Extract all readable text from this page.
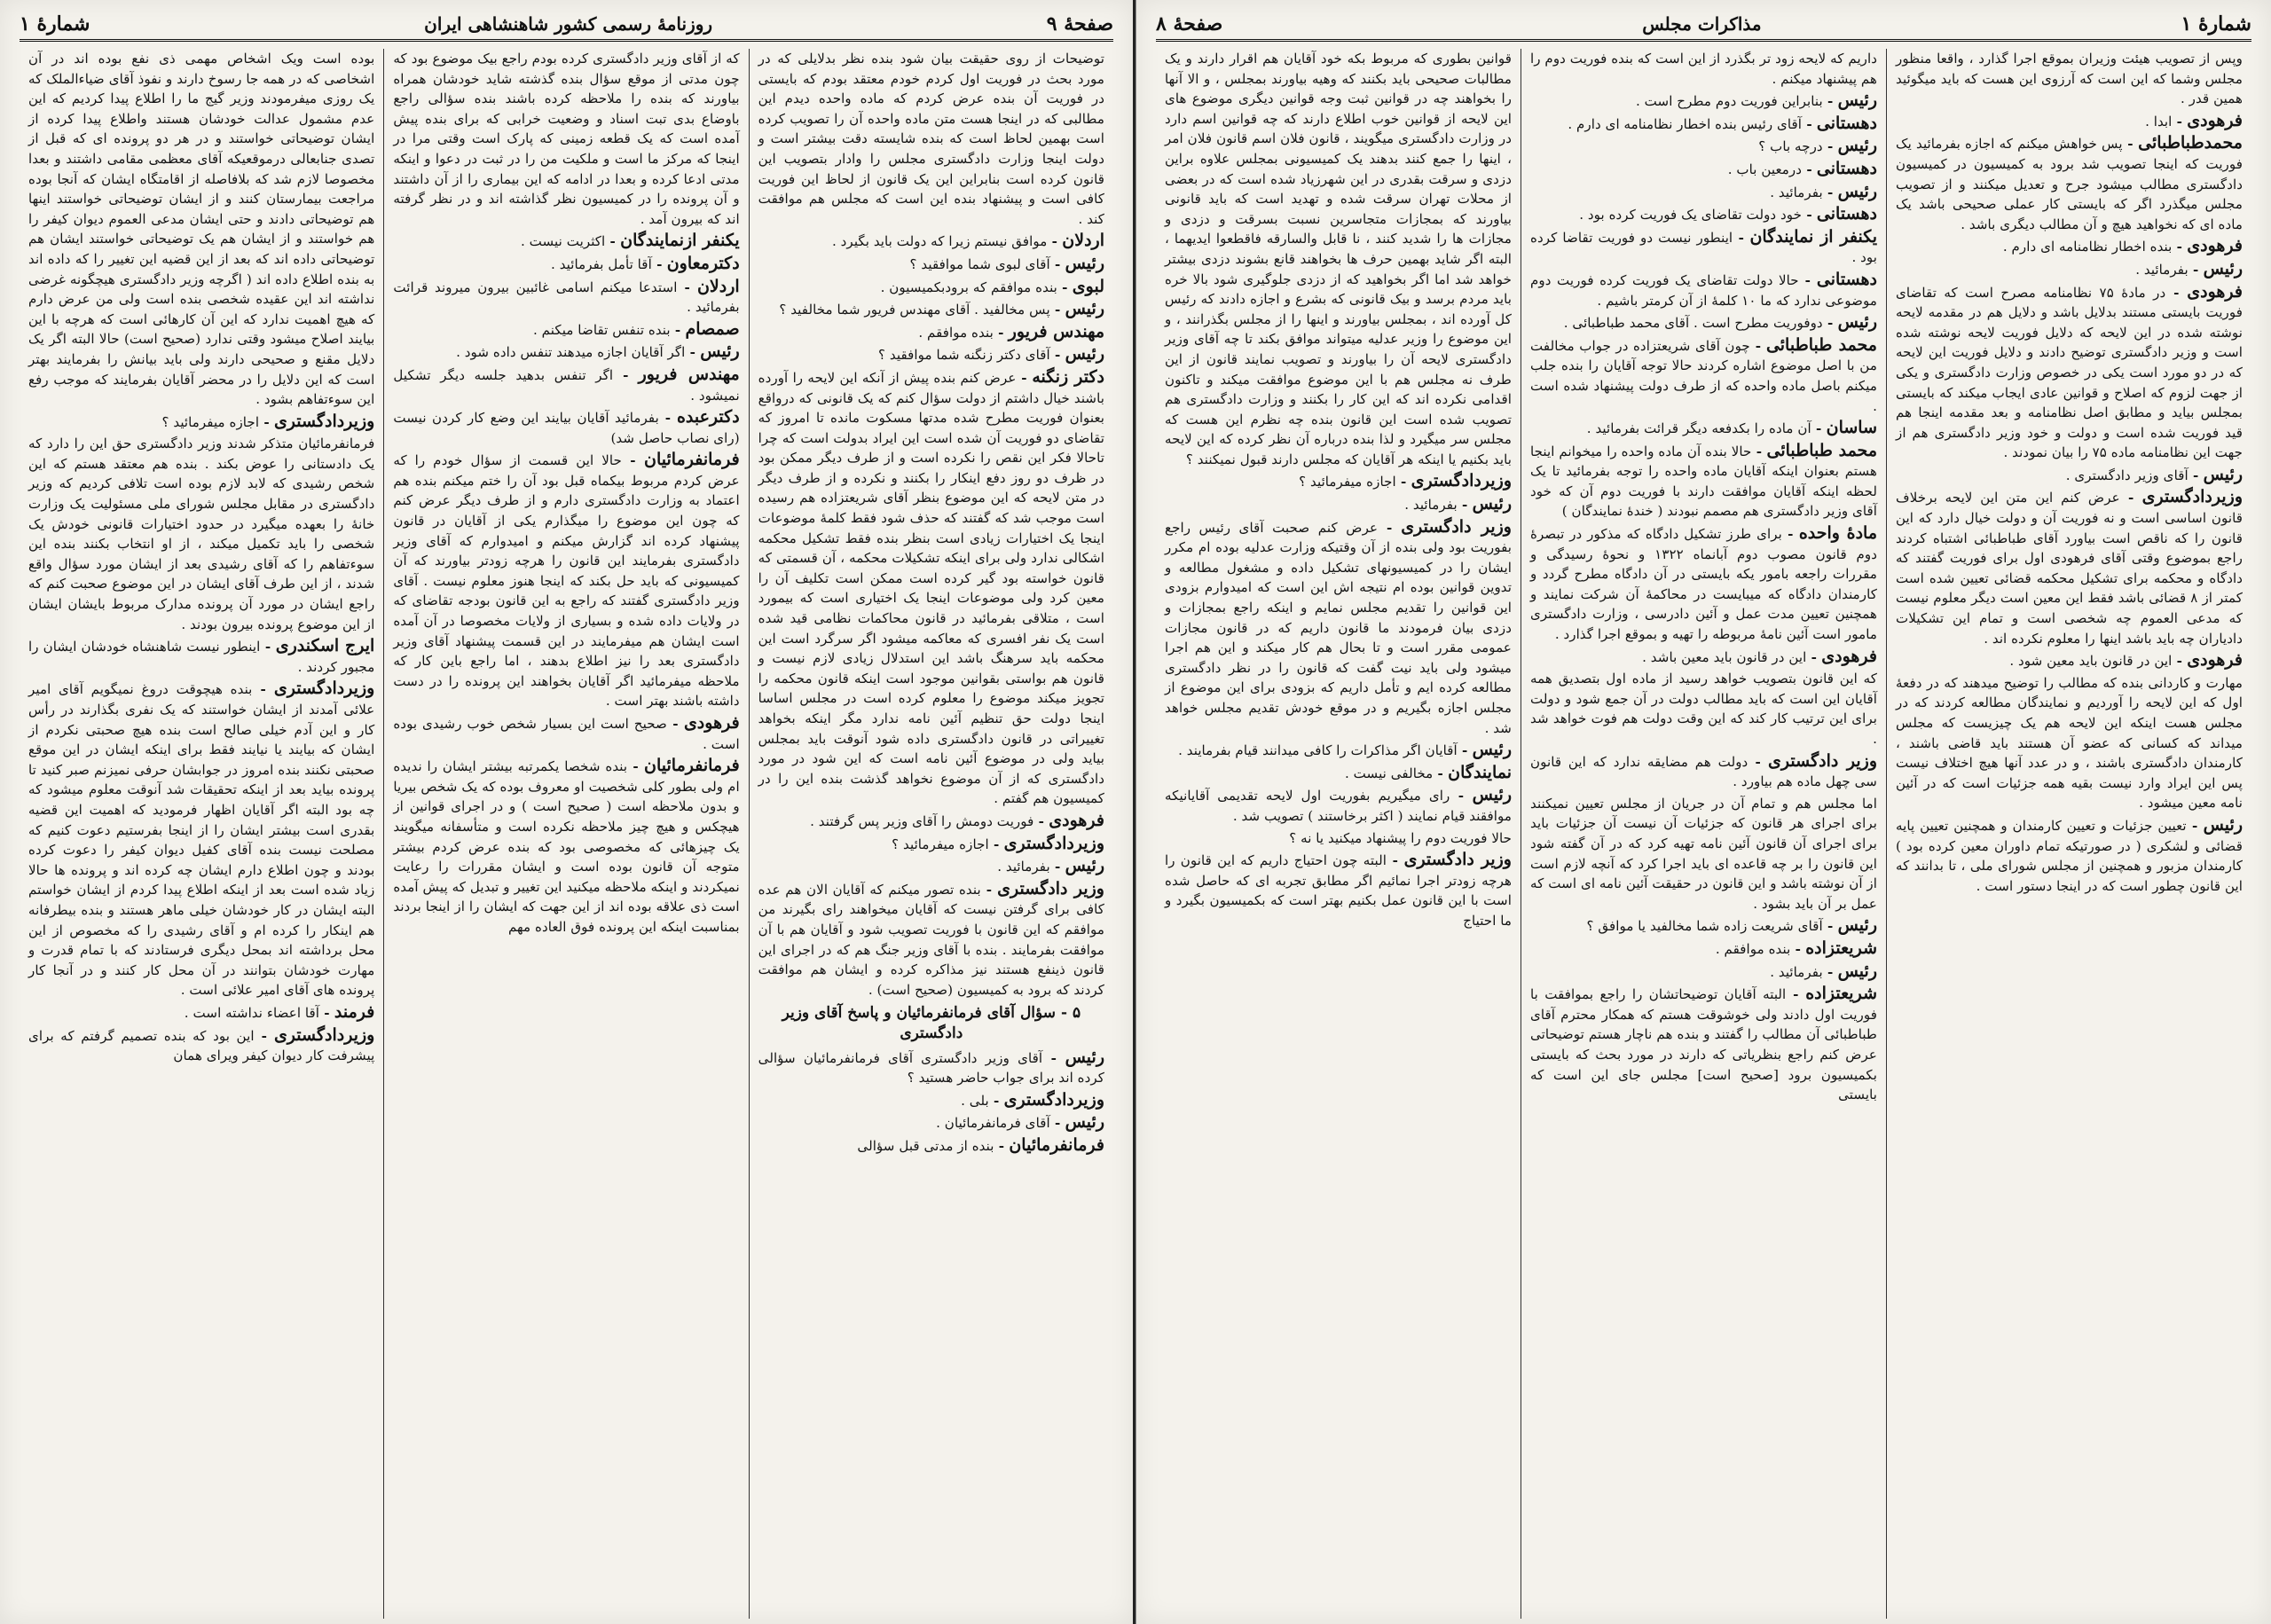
صفحهٔ ۹
روزنامهٔ رسمی کشور شاهنشاهی ایران
شمارهٔ ۱
توضیحات از روی حقیقت بیان شود بنده نظر بدلایلی که در مورد بحث در فوریت اول کردم خودم معتقد بودم که بایستی در فوریت آن بنده عرض کردم که ماده واحده دیدم این مطالبی که در اینجا هست متن ماده واحده آن را تصویب کرده است بهمین لحاظ است که بنده شایسته دقت بیشتر است و دولت اینجا وزارت دادگستری مجلس را وادار بتصویب این قانون کرده است بنابراین این یک قانون از لحاظ این فوریت کافی است و پیشنهاد بنده این است که مجلس هم موافقت کند .
اردلان - موافق نیستم زیرا که دولت باید بگیرد .
رئیس - آقای لبوی شما موافقید ؟
لبوی - بنده موافقم که برودبکمیسیون .
رئیس - پس مخالفید . آقای مهندس فریور شما مخالفید ؟
مهندس فریور - بنده موافقم .
رئیس - آقای دکتر زنگنه شما موافقید ؟
دکتر زنگنه - عرض کنم بنده پیش از آنکه این لایحه را آورده باشند خیال داشتم از دولت سؤال کنم که یک قانونی که درواقع بعنوان فوریت مطرح شده مدتها مسکوت مانده تا امروز که تقاضای دو فوریت آن شده است این ایراد بدولت است که چرا تاحالا فکر این نقص را نکرده است و از طرف دیگر ممکن بود در ظرف دو روز دفع اینکار را بکنند و نکرده و از طرف دیگر در متن لایحه که این موضوع بنظر آقای شریعتزاده هم رسیده است موجب شد که گفتند که حذف شود فقط کلمهٔ موضوعات اینجا یک اختیارات زیادی است بنظر بنده فقط تشکیل محکمه اشکالی ندارد ولی برای اینکه تشکیلات محکمه ، آن قسمتی که قانون خواسته بود گیر کرده است ممکن است تکلیف آن را معین کرد ولی موضوعات اینجا یک اختیاری است که بیمورد است ، متلاقی بفرمائید در قانون محاکمات نظامی قید شده است یک نفر افسری که معاکمه میشود اگر سرگرد است این محکمه باید سرهنگ باشد این استدلال زیادی لازم نیست و قانون هم بواستی بقوانین موجود است اینکه قانون محکمه را تجویز میکند موضوع را معلوم کرده است در مجلس اساسا اینجا دولت حق تنظیم آئین نامه ندارد مگر اینکه بخواهد تغییراتی در قانون دادگستری داده شود آنوقت باید بمجلس بیاید ولی در موضوع آئین نامه است که این شود در مورد دادگستری که از آن موضوع نخواهد گذشت بنده این را در کمیسیون هم گفتم .
فرهودی - فوریت دومش را آقای وزیر پس گرفتند .
وزیردادگستری - اجازه میفرمائید ؟
رئیس - بفرمائید .
وزیر دادگستری - بنده تصور میکنم که آقایان الان هم عده کافی برای گرفتن نیست که آقایان میخواهند رای بگیرند من موافقم که این قانون با فوریت تصویب شود و آقایان هم با آن موافقت بفرمایند . بنده با آقای وزیر جنگ هم که در اجرای این قانون ذینفع هستند نیز مذاکره کرده و ایشان هم موافقت کردند که برود به کمیسیون (صحیح است) .
۵ - سؤال آقای فرمانفرمائیان و پاسخ آقای وزیر دادگستری
رئیس - آقای وزیر دادگستری آقای فرمانفرمائیان سؤالی کرده اند برای جواب حاضر هستید ؟
وزیردادگستری - بلی .
رئیس - آقای فرمانفرمائیان .
فرمانفرمائیان - بنده از مدتی قبل سؤالی
که از آقای وزیر دادگستری کرده بودم راجع بیک موضوع بود که چون مدتی از موقع سؤال بنده گذشته شاید خودشان همراه بیاورند که بنده را ملاحظه کرده باشند بنده سؤالی راجع باوضاع بدی تبت اسناد و وضعیت خرابی که برای بنده پیش آمده است که یک قطعه زمینی که پارک است وقتی مرا در اینجا که مرکز ما است و ملکیت من را در ثبت در دعوا و اینکه مدتی ادعا کرده و بعدا در ادامه که این بیماری را از آن داشتند و آن پرونده را در کمیسیون نظر گذاشته اند و در نظر گرفته اند که بیرون آمد .
یکنفر ازنمایندگان - اکثریت نیست .
دکترمعاون - آقا تأمل بفرمائید .
اردلان - استدعا میکنم اسامی غائبین بیرون میروند قرائت بفرمائید .
صمصام - بنده تنفس تقاضا میکنم .
رئیس - اگر آقایان اجازه میدهند تنفس داده شود .
مهندس فریور - اگر تنفس بدهید جلسه دیگر تشکیل نمیشود .
دکترعبده - بفرمائید آقایان بیایند این وضع کار کردن نیست (رای نصاب حاصل شد)
فرمانفرمائیان - حالا این قسمت از سؤال خودم را که عرض کردم مربوط بیکماه قبل بود آن را ختم میکنم بنده هم اعتماد به وزارت دادگستری دارم و از طرف دیگر عرض کنم که چون این موضوع را میگذارم یکی از آقایان در قانون پیشنهاد کرده اند گزارش میکنم و امیدوارم که آقای وزیر دادگستری بفرمایند این قانون را هرچه زودتر بیاورند که آن کمیسیونی که باید حل بکند که اینجا هنوز معلوم نیست . آقای وزیر دادگستری گفتند که راجع به این قانون بودجه تقاضای که در ولایات داده شده و بسیاری از ولایات مخصوصا در آن آمده است ایشان هم میفرمایند در این قسمت پیشنهاد آقای وزیر دادگستری بعد را نیز اطلاع بدهند ، اما راجع باین کار که ملاحظه میفرمائید اگر آقایان بخواهند این پرونده را در دست داشته باشند بهتر است .
فرهودی - صحیح است این بسیار شخص خوب رشیدی بوده است .
فرمانفرمائیان - بنده شخصا یکمرتبه بیشتر ایشان را ندیده ام ولی بطور کلی شخصیت او معروف بوده که یک شخص بیریا و بدون ملاحظه است ( صحیح است ) و در اجرای قوانین از هیچکس و هیچ چیز ملاحظه نکرده است و متأسفانه میگویند یک چیزهائی که مخصوصی بود که بنده عرض کردم بیشتر متوجه آن قانون بوده است و ایشان مقررات را رعایت نمیکردند و اینکه ملاحظه میکنید این تغییر و تبدیل که پیش آمده است ذی علاقه بوده اند از این جهت که ایشان را از اینجا بردند بمناسبت اینکه این پرونده فوق العاده مهم
بوده است ویک اشخاص مهمی ذی نفع بوده اند در آن اشخاصی که در همه جا رسوخ دارند و نفوذ آقای ضیاءالملک که یک روزی میفرمودند وزیر گیج ما را اطلاع پیدا کردیم که این عدم مشمول عدالت خودشان هستند واطلاع پیدا کرده از ایشان توضیحاتی خواستند و در هر دو پرونده ای که قبل از تصدی جنابعالی درموقعیکه آقای معظمی مقامی داشتند و بعدا مخصوصا لازم شد که بلافاصله از اقامتگاه ایشان که آنجا بوده مراجعت بیمارستان کنند و از ایشان توضیحاتی خواستند اینها هم توضیحاتی دادند و حتی ایشان مدعی العموم دیوان کیفر را هم خواستند و از ایشان هم یک توضیحاتی خواستند ایشان هم توضیحاتی داده اند که بعد از این قضیه این تغییر را که داده اند به بنده اطلاع داده اند ( اگرچه وزیر دادگستری هیچگونه غرضی نداشته اند این عقیده شخصی بنده است ولی من عرض دارم که هیچ اهمیت ندارد که این آن کارهائی است که هرچه با این بیایند اصلاح میشود وقتی ندارد (صحیح است) حالا البته اگر یک دلایل مقنع و صحیحی دارند ولی باید بیانش را بفرمایند بهتر است که این دلایل را در محضر آقایان بفرمایند که موجب رفع این سوءتفاهم بشود .
وزیردادگستری - اجازه میفرمائید ؟
فرمانفرمائیان متذکر شدند وزیر دادگستری حق این را دارد که یک دادستانی را عوض بکند . بنده هم معتقد هستم که این شخص رشیدی که لابد لازم بوده است تلافی کردیم که وزیر دادگستری در مقابل مجلس شورای ملی مسئولیت یک وزارت خانهٔ را بعهده میگیرد در حدود اختیارات قانونی خودش یک شخصی را باید تکمیل میکند ، از او انتخاب بکنند بنده این سوءتفاهم را که آقای رشیدی بعد از ایشان مورد سؤال واقع شدند ، از این طرف آقای ایشان در این موضوع صحبت کنم که راجع ایشان در مورد آن پرونده مدارک مربوط بایشان ایشان از این موضوع پرونده بیرون بودند .
ایرج اسکندری - اینطور نیست شاهنشاه خودشان ایشان را مجبور کردند .
وزیردادگستری - بنده هیچوقت دروغ نمیگویم آقای امیر علائی آمدند از ایشان خواستند که یک نفری بگذارند در رأس کار و این آدم خیلی صالح است بنده هیچ صحبتی نکردم از ایشان که بیایند یا نیایند فقط برای اینکه ایشان در این موقع صحبتی نکنند بنده امروز در جوابشان حرفی نمیزنم صبر کنید تا پرونده بیاید بعد از اینکه تحقیقات شد آنوقت معلوم میشود که چه بود البته اگر آقایان اظهار فرمودید که اهمیت این قضیه بقدری است بیشتر ایشان را از اینجا بفرستیم دعوت کنیم که مصلحت نیست بنده آقای کفیل دیوان کیفر را دعوت کرده بودند و چون اطلاع دارم ایشان چه کرده اند و پرونده ها حالا زیاد شده است بعد از اینکه اطلاع پیدا کردم از ایشان خواستم البته ایشان در کار خودشان خیلی ماهر هستند و بنده بیطرفانه هم اینکار را کرده ام و آقای رشیدی را که مخصوص از این محل برداشته اند بمحل دیگری فرستادند که با تمام قدرت و مهارت خودشان بتوانند در آن محل کار کنند و در آنجا کار پرونده های آقای امیر علائی است .
فرمند - آقا اعضاء نداشته است .
وزیردادگستری - این بود که بنده تصمیم گرفتم که برای پیشرفت کار دیوان کیفر ویرای همان
شمارهٔ ۱
مذاکرات مجلس
صفحهٔ ۸
وپس از تصویب هیئت وزیران بموقع اجرا گذارد ، واقعا منظور مجلس وشما که این است که آرزوی این هست که باید میگوئید همین قدر .
فرهودی - ابدا .
محمدطباطبائی - پس خواهش میکنم که اجازه بفرمائید یک فوریت که اینجا تصویب شد برود به کمیسیون در کمیسیون دادگستری مطالب میشود جرح و تعدیل میکنند و از تصویب مجلس میگذرد اگر که بایستی کار عملی صحیحی باشد یک ماده ای که نخواهید هیچ و آن مطالب دیگری باشد .
فرهودی - بنده اخطار نظامنامه ای دارم .
رئیس - بفرمائید .
فرهودی - در مادهٔ ۷۵ نظامنامه مصرح است که تقاضای فوریت بایستی مستند بدلایل باشد و دلایل هم در مقدمه لایحه نوشته شده در این لایحه که دلایل فوریت لایحه نوشته شده است و وزیر دادگستری توضیح دادند و دلایل فوریت این لایحه که در دو مورد است یکی در خصوص وزارت دادگستری و یکی از جهت لزوم که اصلاح و قوانین عادی ایجاب میکند که بایستی بمجلس بیاید و مطابق اصل نظامنامه و بعد مقدمه اینجا هم قید فوریت شده است و دولت و خود وزیر دادگستری هم از جهت این نظامنامه ماده ۷۵ را بیان نمودند .
رئیس - آقای وزیر دادگستری .
وزیردادگستری - عرض کنم این متن این لایحه برخلاف قانون اساسی است و نه فوریت آن و دولت خیال دارد که این قانون را که ناقص است بیاورد آقای طباطبائی اشتباه کردند راجع بموضوع وقتی آقای فرهودی اول برای فوریت گفتند که دادگاه و محکمه برای تشکیل محکمه قضائی تعیین شده است کمتر از ۸ قضائی باشد فقط این معین است دیگر معلوم نیست که مدعی العموم چه شخصی است و تمام این تشکیلات دادیاران چه باید باشد اینها را معلوم نکرده اند .
فرهودی - این در قانون باید معین شود .
مهارت و کاردانی بنده که مطالب را توضیح میدهند که در دفعهٔ اول که این لایحه را آوردیم و نمایندگان مطالعه کردند که در مجلس هست اینکه این لایحه هم یک چیزیست که مجلس میداند که کسانی که عضو آن هستند باید قاضی باشند ، کارمندان دادگستری باشند ، و در عدد آنها هیچ اختلاف نیست پس این ایراد وارد نیست بقیه همه جزئیات است که در آئین نامه معین میشود .
رئیس - تعیین جزئیات و تعیین کارمندان و همچنین تعیین پایه قضائی و لشکری ( در صورتیکه تمام داوران معین کرده بود ) کارمندان مزبور و همچنین از مجلس شورای ملی ، تا بدانند که این قانون چطور است که در اینجا دستور است .
داریم که لایحه زود تر بگذرد از این است که بنده فوریت دوم را هم پیشنهاد میکنم .
رئیس - بنابراین فوریت دوم مطرح است .
دهستانی - آقای رئیس بنده اخطار نظامنامه ای دارم .
رئیس - درچه باب ؟
دهستانی - درمعین باب .
رئیس - بفرمائید .
دهستانی - خود دولت تقاضای یک فوریت کرده بود .
یکنفر از نمایندگان - اینطور نیست دو فوریت تقاضا کرده بود .
دهستانی - حالا دولت تقاضای یک فوریت کرده فوریت دوم موضوعی ندارد که ما ۱۰ کلمهٔ از آن کرمتر باشیم .
رئیس - دوفوریت مطرح است . آقای محمد طباطبائی .
محمد طباطبائی - چون آقای شریعتزاده در جواب مخالفت من با اصل موضوع اشاره کردند حالا توجه آقایان را بنده جلب میکنم باصل ماده واحده که از طرف دولت پیشنهاد شده است .
ساسان - آن ماده را بکدفعه دیگر قرائت بفرمائید .
محمد طباطبائی - حالا بنده آن ماده واحده را میخوانم اینجا هستم بعنوان اینکه آقایان ماده واحده را توجه بفرمائید تا یک لحظه اینکه آقایان موافقت دارند با فوریت دوم آن که خود آقای وزیر دادگستری هم مصمم نبودند ( خندهٔ نمایندگان )
مادهٔ واحده - برای طرز تشکیل دادگاه که مذکور در تبصرهٔ دوم قانون مصوب دوم آبانماه ۱۳۲۲ و نحوهٔ رسیدگی و مقررات راجعه بامور یکه بایستی در آن دادگاه مطرح گردد و کارمندان دادگاه که میبایست در محاکمهٔ آن شرکت نمایند و همچنین تعیین مدت عمل و آئین دادرسی ، وزارت دادگستری مامور است آئین نامهٔ مربوطه را تهیه و بموقع اجرا گذارد .
فرهودی - این در قانون باید معین باشد .
که این قانون بتصویب خواهد رسید از ماده اول بتصدیق همه آقایان این است که باید مطالب دولت در آن جمع شود و دولت برای این ترتیب کار کند که این وقت دولت هم فوت خواهد شد .
وزیر دادگستری - دولت هم مضایقه ندارد که این قانون سی چهل ماده هم بیاورد .
اما مجلس هم و تمام آن در جریان از مجلس تعیین نمیکنند برای اجرای هر قانون که جزئیات آن نیست آن جزئیات باید برای اجرای آن قانون آئین نامه تهیه کرد که در آن گفته شود این قانون را بر چه قاعده ای باید اجرا کرد که آنچه لازم است از آن نوشته باشد و این قانون در حقیقت آئین نامه ای است که عمل بر آن باید بشود .
رئیس - آقای شریعت زاده شما مخالفید یا موافق ؟
شریعتزاده - بنده موافقم .
رئیس - بفرمائید .
شریعتزاده - البته آقایان توضیحاتشان را راجع بموافقت با فوریت اول دادند ولی خوشوقت هستم که همکار محترم آقای طباطبائی آن مطالب را گفتند و بنده هم ناچار هستم توضیحاتی عرض کنم راجع بنظریاتی که دارند در مورد بحث که بایستی بکمیسیون برود [صحیح است] مجلس جای این است که بایستی
قوانین بطوری که مربوط بکه خود آقایان هم اقرار دارند و یک مطالبات صحیحی باید بکنند که وهیه بیاورند بمجلس ، و الا آنها را بخواهند چه در قوانین ثبت وجه قوانین دیگری موضوع های این لایحه از قوانین خوب اطلاع دارند که چه قوانین اسم دارد در وزارت دادگستری میگویند ، قانون فلان اسم قانون فلان امر ، اینها را جمع کنند بدهند یک کمیسیونی بمجلس علاوه براین دزدی و سرقت بقدری در این شهرزیاد شده است که در بعضی از محلات تهران سرقت شده و تهدید است که باید قانونی بیاورند که بمجازات متجاسرین نسبت بسرقت و دزدی و مجازات ها را شدید کنند ، نا قابل والسارقه فاقطعوا ایدیهما ، البته اگر شاید بهمین حرف ها بخواهند قانع بشوند دزدی بیشتر خواهد شد اما اگر بخواهید که از دزدی جلوگیری شود بالا خره باید مردم برسد و بیک قانونی که بشرع و اجازه دادند که رئیس کل آورده اند ، بمجلس بیاورند و اینها را از مجلس بگذرانند ، و این موضوع را وزیر عدلیه میتواند موافق بکند تا چه آقای وزیر دادگستری لایحه آن را بیاورند و تصویب نمایند قانون از این طرف نه مجلس هم با این موضوع موافقت میکند و تاکنون اقدامی نکرده اند که این کار را بکنند و وزارت دادگستری هم تصویب شده است این قانون بنده چه نظرم این هست که مجلس سر میگیرد و لذا بنده درباره آن نظر کرده که این لایحه باید بکنیم یا اینکه هر آقایان که مجلس دارند قبول نمیکنند ؟
وزیردادگستری - اجازه میفرمائید ؟
رئیس - بفرمائید .
وزیر دادگستری - عرض کنم صحبت آقای رئیس راجع بفوریت بود ولی بنده از آن وقتیکه وزارت عدلیه بوده ام مکرر ایشان را در کمیسیونهای تشکیل داده و مشغول مطالعه و تدوین قوانین بوده ام نتیجه اش این است که امیدوارم بزودی این قوانین را تقدیم مجلس نمایم و اینکه راجع بمجازات و دزدی بیان فرمودند ما قانون داریم که در قانون مجازات عمومی مقرر است و تا بحال هم کار میکند و این هم اجرا میشود ولی باید نیت گفت که قانون را در نظر دادگستری مطالعه کرده ایم و تأمل داریم که بزودی برای این موضوع از مجلس اجازه بگیریم و در موقع خودش تقدیم مجلس خواهد شد .
رئیس - آقایان اگر مذاکرات را کافی میدانند قیام بفرمایند .
نمایندگان - مخالفی نیست .
رئیس - رای میگیریم بفوریت اول لایحه تقدیمی آقایانیکه موافقند قیام نمایند ( اکثر برخاستند ) تصویب شد .
حالا فوریت دوم را پیشنهاد میکنید یا نه ؟
وزیر دادگستری - البته چون احتیاج داریم که این قانون را هرچه زودتر اجرا نمائیم اگر مطابق تجربه ای که حاصل شده است با این قانون عمل بکنیم بهتر است که بکمیسیون بگیرد و ما احتیاج
